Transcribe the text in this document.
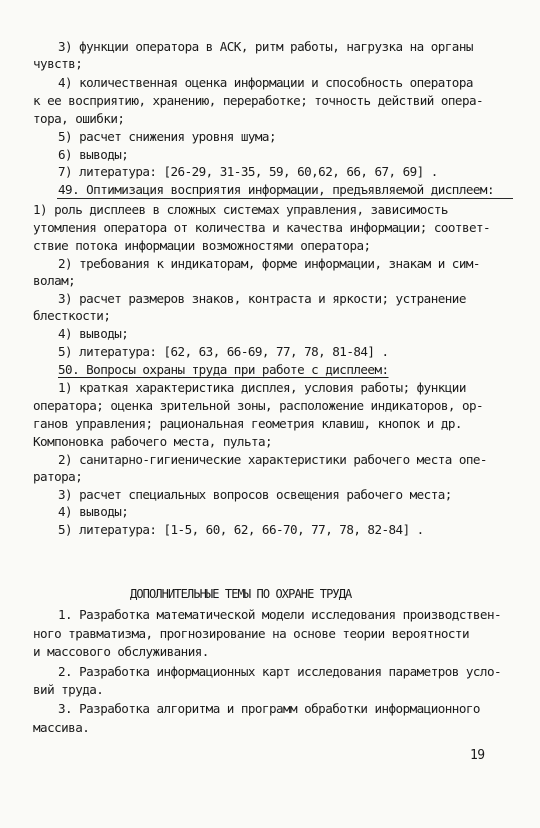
3) функции оператора в АСК, ритм работы, нагрузка на органы
чувств;
4) количественная оценка информации и способность оператора
к ее восприятию, хранению, переработке; точность действий опера-
тора, ошибки;
5) расчет снижения уровня шума;
6) выводы;
7) литература: [26-29, 31-35, 59, 60,62, 66, 67, 69] .
49. Оптимизация восприятия информации, предъявляемой дисплеем:
1) роль дисплеев в сложных системах управления, зависимость
утомления оператора от количества и качества информации; соответ-
ствие потока информации возможностями оператора;
2) требования к индикаторам, форме информации, знакам и сим-
волам;
3) расчет размеров знаков, контраста и яркости; устранение
блесткости;
4) выводы;
5) литература: [62, 63, 66-69, 77, 78, 81-84] .
50. Вопросы охраны труда при работе с дисплеем:
1) краткая характеристика дисплея, условия работы; функции
оператора; оценка зрительной зоны, расположение индикаторов, ор-
ганов управления; рациональная геометрия клавиш, кнопок и др.
Компоновка рабочего места, пульта;
2) санитарно-гигиенические характеристики рабочего места опе-
ратора;
3) расчет специальных вопросов освещения рабочего места;
4) выводы;
5) литература: [1-5, 60, 62, 66-70, 77, 78, 82-84] .
ДОПОЛНИТЕЛЬНЫЕ ТЕМЫ ПО ОХРАНЕ ТРУДА
1. Разработка математической модели исследования производствен-
ного травматизма, прогнозирование на основе теории вероятности
и массового обслуживания.
2. Разработка информационных карт исследования параметров усло-
вий труда.
3. Разработка алгоритма и программ обработки информационного
массива.
19
